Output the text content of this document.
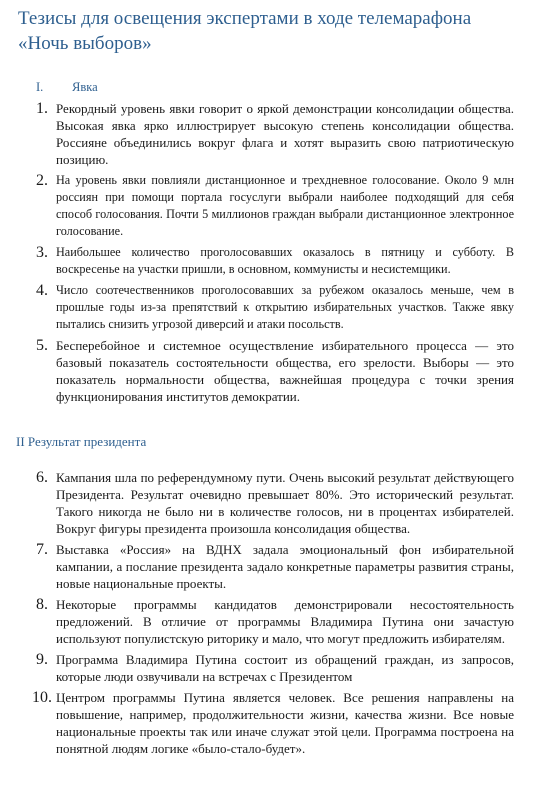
Тезисы для освещения экспертами в ходе телемарафона «Ночь выборов»
I. Явка
1. Рекордный уровень явки говорит о яркой демонстрации консолидации общества. Высокая явка ярко иллюстрирует высокую степень консолидации общества. Россияне объединились вокруг флага и хотят выразить свою патриотическую позицию.
2. На уровень явки повлияли дистанционное и трехдневное голосование. Около 9 млн россиян при помощи портала госуслуги выбрали наиболее подходящий для себя способ голосования. Почти 5 миллионов граждан выбрали дистанционное электронное голосование.
3. Наибольшее количество проголосовавших оказалось в пятницу и субботу. В воскресенье на участки пришли, в основном, коммунисты и несистемщики.
4. Число соотечественников проголосовавших за рубежом оказалось меньше, чем в прошлые годы из-за препятствий к открытию избирательных участков. Также явку пытались снизить угрозой диверсий и атаки посольств.
5. Бесперебойное и системное осуществление избирательного процесса — это базовый показатель состоятельности общества, его зрелости. Выборы — это показатель нормальности общества, важнейшая процедура с точки зрения функционирования институтов демократии.
II Результат президента
6. Кампания шла по референдумному пути. Очень высокий результат действующего Президента. Результат очевидно превышает 80%. Это исторический результат. Такого никогда не было ни в количестве голосов, ни в процентах избирателей. Вокруг фигуры президента произошла консолидация общества.
7. Выставка «Россия» на ВДНХ задала эмоциональный фон избирательной кампании, а послание президента задало конкретные параметры развития страны, новые национальные проекты.
8. Некоторые программы кандидатов демонстрировали несостоятельность предложений. В отличие от программы Владимира Путина они зачастую используют популистскую риторику и мало, что могут предложить избирателям.
9. Программа Владимира Путина состоит из обращений граждан, из запросов, которые люди озвучивали на встречах с Президентом
10. Центром программы Путина является человек. Все решения направлены на повышение, например, продолжительности жизни, качества жизни. Все новые национальные проекты так или иначе служат этой цели. Программа построена на понятной людям логике «было-стало-будет».
